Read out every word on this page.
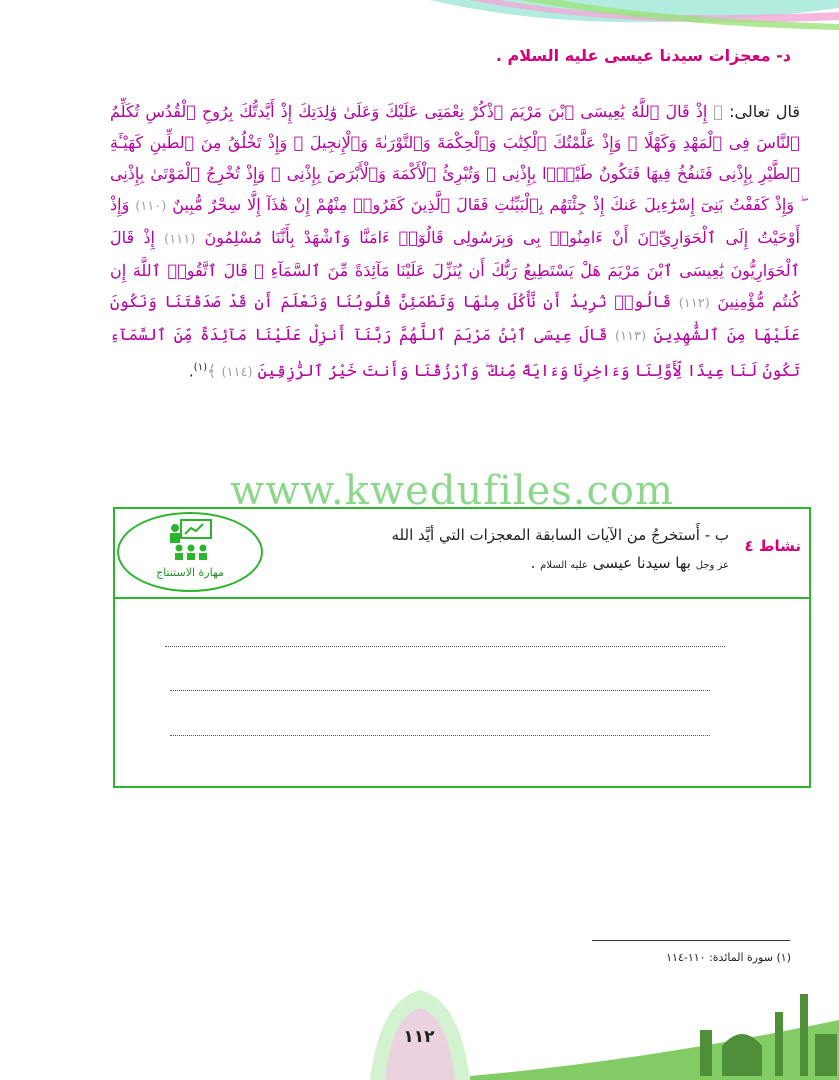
د- معجزات سيدنا عيسى عليه السلام .
قال تعالى: ﴿ إِذْ قَالَ ٱللَّهُ يَٰعِيسَى ٱبْنَ مَرْيَمَ ٱذْكُرْ نِعْمَتِى عَلَيْكَ وَعَلَىٰ وَٰلِدَتِكَ إِذْ أَيَّدتُّكَ بِرُوحِ ٱلْقُدُسِ تُكَلِّمُ ٱلنَّاسَ فِى ٱلْمَهْدِ وَكَهْلًا ۖ وَإِذْ عَلَّمْتُكَ ٱلْكِتَٰبَ وَٱلْحِكْمَةَ وَٱلتَّوْرَىٰةَ وَٱلْإِنجِيلَ ۖ وَإِذْ تَخْلُقُ مِنَ ٱلطِّينِ كَهَيْـَٔةِ ٱلطَّيْرِ بِإِذْنِى فَتَنفُخُ فِيهَا فَتَكُونُ طَيْرًۢا بِإِذْنِى ۖ وَتُبْرِئُ ٱلْأَكْمَهَ وَٱلْأَبْرَصَ بِإِذْنِى ۖ وَإِذْ تُخْرِجُ ٱلْمَوْتَىٰ بِإِذْنِى ۖ وَإِذْ كَفَفْتُ بَنِىٓ إِسْرَٰٓءِيلَ عَنكَ إِذْ جِئْتَهُم بِٱلْبَيِّنَٰتِ فَقَالَ ٱلَّذِينَ كَفَرُوا۟ مِنْهُمْ إِنْ هَٰذَآ إِلَّا سِحْرٌ مُّبِينٌ (١١٠) وَإِذْ أَوْحَيْتُ إِلَى ٱلْحَوَارِيِّۦنَ أَنْ ءَامِنُوا۟ بِى وَبِرَسُولِى قَالُوٓا۟ ءَامَنَّا وَٱشْهَدْ بِأَنَّنَا مُسْلِمُونَ (١١١) إِذْ قَالَ ٱلْحَوَارِيُّونَ يَٰعِيسَى ٱبْنَ مَرْيَمَ هَلْ يَسْتَطِيعُ رَبُّكَ أَن يُنَزِّلَ عَلَيْنَا مَآئِدَةً مِّنَ ٱلسَّمَآءِ ۖ قَالَ ٱتَّقُوا۟ ٱللَّهَ إِن كُنتُم مُّؤْمِنِينَ (١١٢) قَالُوا۟ نُرِيدُ أَن نَّأْكُلَ مِنْهَا وَتَطْمَئِنَّ قُلُوبُنَا وَنَعْلَمَ أَن قَدْ صَدَقْتَنَا وَنَكُونَ عَلَيْهَا مِنَ ٱلشَّٰهِدِينَ (١١٣) قَالَ عِيسَى ٱبْنُ مَرْيَمَ ٱللَّهُمَّ رَبَّنَآ أَنزِلْ عَلَيْنَا مَآئِدَةً مِّنَ ٱلسَّمَآءِ تَكُونُ لَنَا عِيدًا لِّأَوَّلِنَا وَءَاخِرِنَا وَءَايَةً مِّنكَ ۖ وَٱرْزُقْنَا وَأَنتَ خَيْرُ ٱلرَّٰزِقِينَ (١١٤) ﴾$^{(١)}$.
www.kwedufiles.com
نشاط ٤
ب - أَستخرجُ من الآيات السابقة المعجزات التي أيَّد الله
عز وجل بها سيدنا عيسى عليه السلام .
مهارة الاستنتاج
(١) سورة المائدة: ١١٠-١١٤
١١٢
